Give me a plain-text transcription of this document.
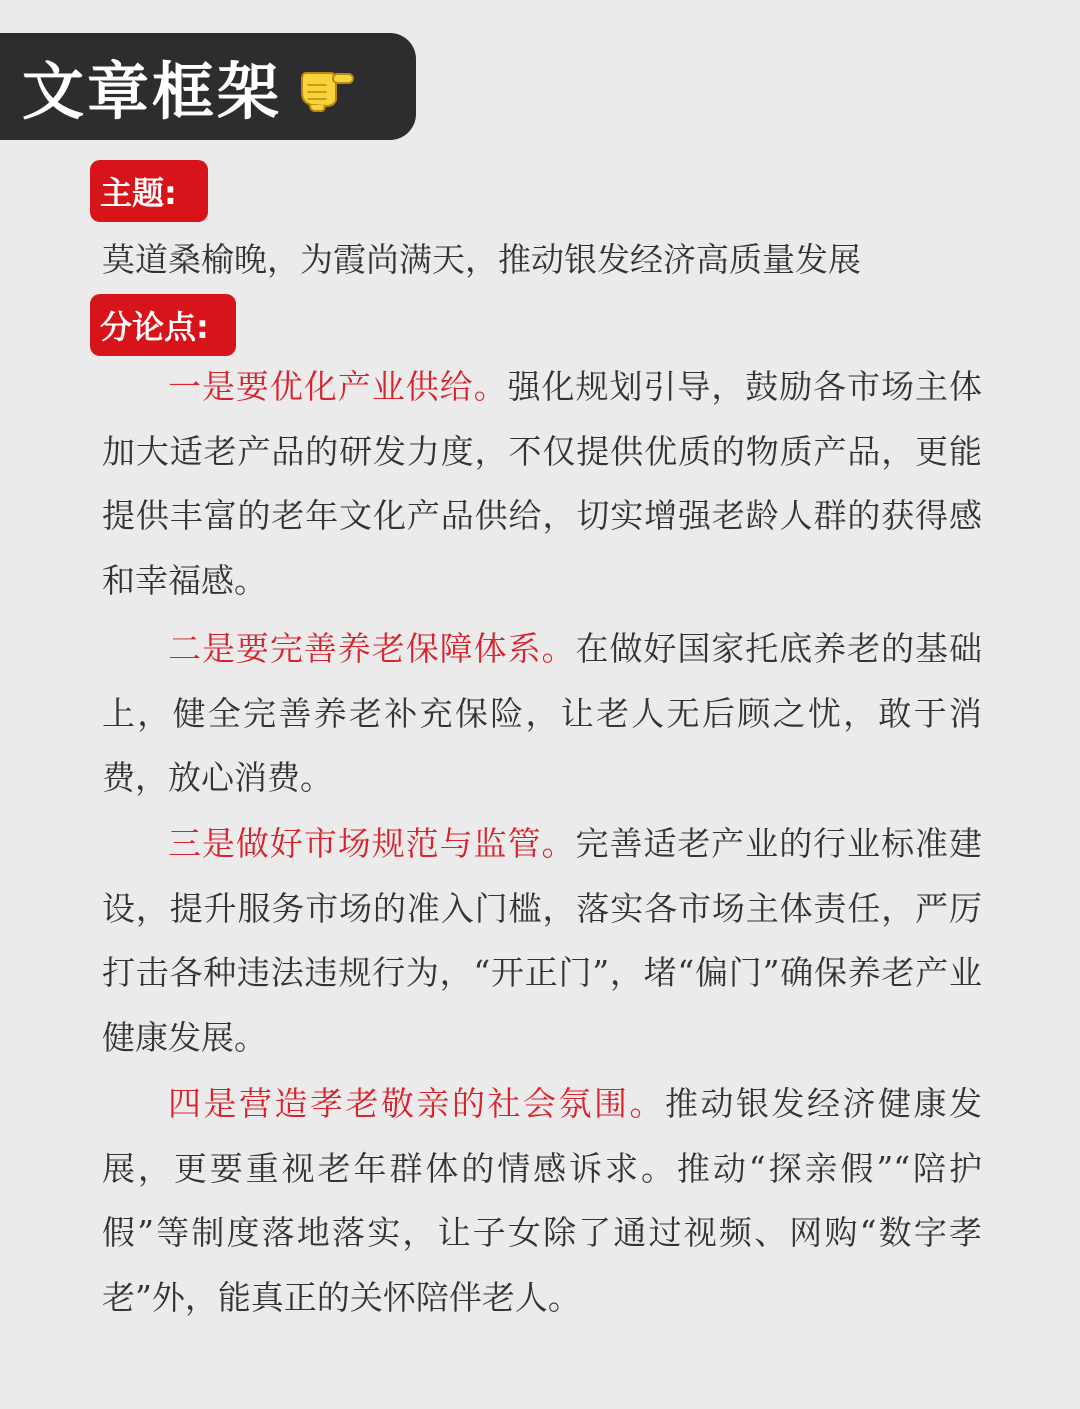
文章框架
主题:
莫道桑榆晚，为霞尚满天，推动银发经济高质量发展
分论点:

一是要优化产业供给。强化规划引导，鼓励各市场主体加大适老产品的研发力度，不仅提供优质的物质产品，更能提供丰富的老年文化产品供给，切实增强老龄人群的获得感和幸福感。

二是要完善养老保障体系。在做好国家托底养老的基础上，健全完善养老补充保险，让老人无后顾之忧，敢于消费，放心消费。

三是做好市场规范与监管。完善适老产业的行业标准建设，提升服务市场的准入门槛，落实各市场主体责任，严厉打击各种违法违规行为，“开正门”，堵“偏门”确保养老产业健康发展。

四是营造孝老敬亲的社会氛围。推动银发经济健康发展，更要重视老年群体的情感诉求。推动“探亲假”“陪护假”等制度落地落实，让子女除了通过视频、网购“数字孝老”外，能真正的关怀陪伴老人。
